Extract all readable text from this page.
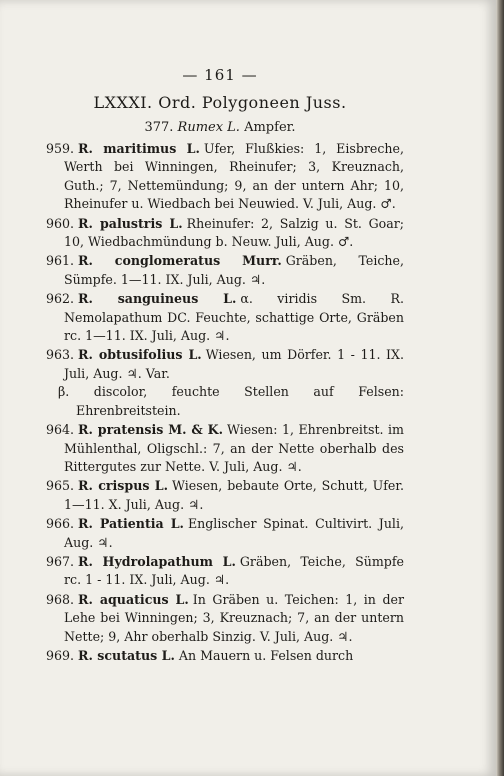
— 161 —
LXXXI. Ord. Polygoneen Juss.
377. Rumex L. Ampfer.
959. R. maritimus L. Ufer, Flußkies: 1, Eisbreche, Werth bei Winningen, Rheinufer; 3, Kreuznach, Guth.; 7, Nettemündung; 9, an der untern Ahr; 10, Rheinufer u. Wiedbach bei Neuwied. V. Juli, Aug. ♂.
960. R. palustris L. Rheinufer: 2, Salzig u. St. Goar; 10, Wiedbachmündung b. Neuw. Juli, Aug. ♂.
961. R. conglomeratus Murr. Gräben, Teiche, Sümpfe. 1—11. IX. Juli, Aug. ♃.
962. R. sanguineus L. α. viridis Sm. R. Nemolapathum DC. Feuchte, schattige Orte, Gräben rc. 1—11. IX. Juli, Aug. ♃.
963. R. obtusifolius L. Wiesen, um Dörfer. 1 - 11. IX. Juli, Aug. ♃. Var.
β. discolor, feuchte Stellen auf Felsen: Ehrenbreitstein.
964. R. pratensis M. & K. Wiesen: 1, Ehrenbreitst. im Mühlenthal, Oligschl.: 7, an der Nette oberhalb des Rittergutes zur Nette. V. Juli, Aug. ♃.
965. R. crispus L. Wiesen, bebaute Orte, Schutt, Ufer. 1—11. X. Juli, Aug. ♃.
966. R. Patientia L. Englischer Spinat. Cultivirt. Juli, Aug. ♃.
967. R. Hydrolapathum L. Gräben, Teiche, Sümpfe rc. 1 - 11. IX. Juli, Aug. ♃.
968. R. aquaticus L. In Gräben u. Teichen: 1, in der Lehe bei Winningen; 3, Kreuznach; 7, an der untern Nette; 9, Ahr oberhalb Sinzig. V. Juli, Aug. ♃.
969. R. scutatus L. An Mauern u. Felsen durch
